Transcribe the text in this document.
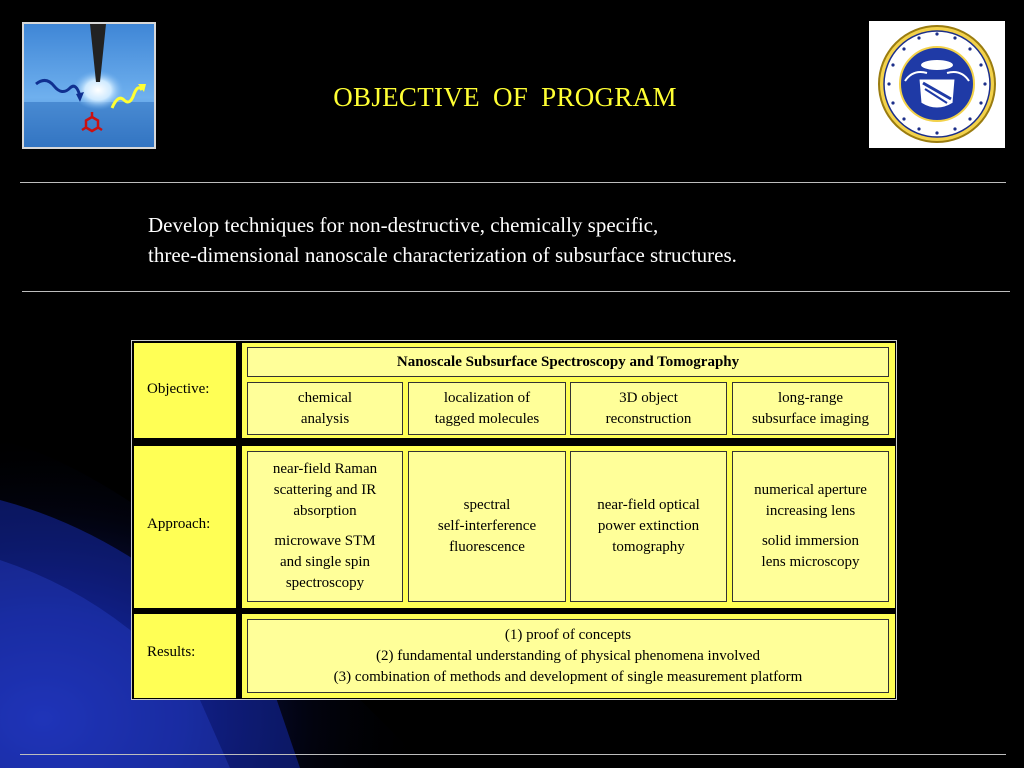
OBJECTIVE OF PROGRAM
Develop techniques for non-destructive, chemically specific,
three-dimensional nanoscale characterization of subsurface structures.
Objective:
Nanoscale Subsurface Spectroscopy and Tomography
chemical
analysis
localization of
tagged molecules
3D object
reconstruction
long-range
subsurface imaging
Approach:
near-field Raman
scattering and IR
absorption
microwave STM
and single spin
spectroscopy
spectral
self-interference
fluorescence
near-field optical
power extinction
tomography
numerical aperture
increasing lens
solid immersion
lens microscopy
Results:
(1) proof of concepts
(2) fundamental understanding of physical phenomena involved
(3) combination of methods and development of single measurement platform
